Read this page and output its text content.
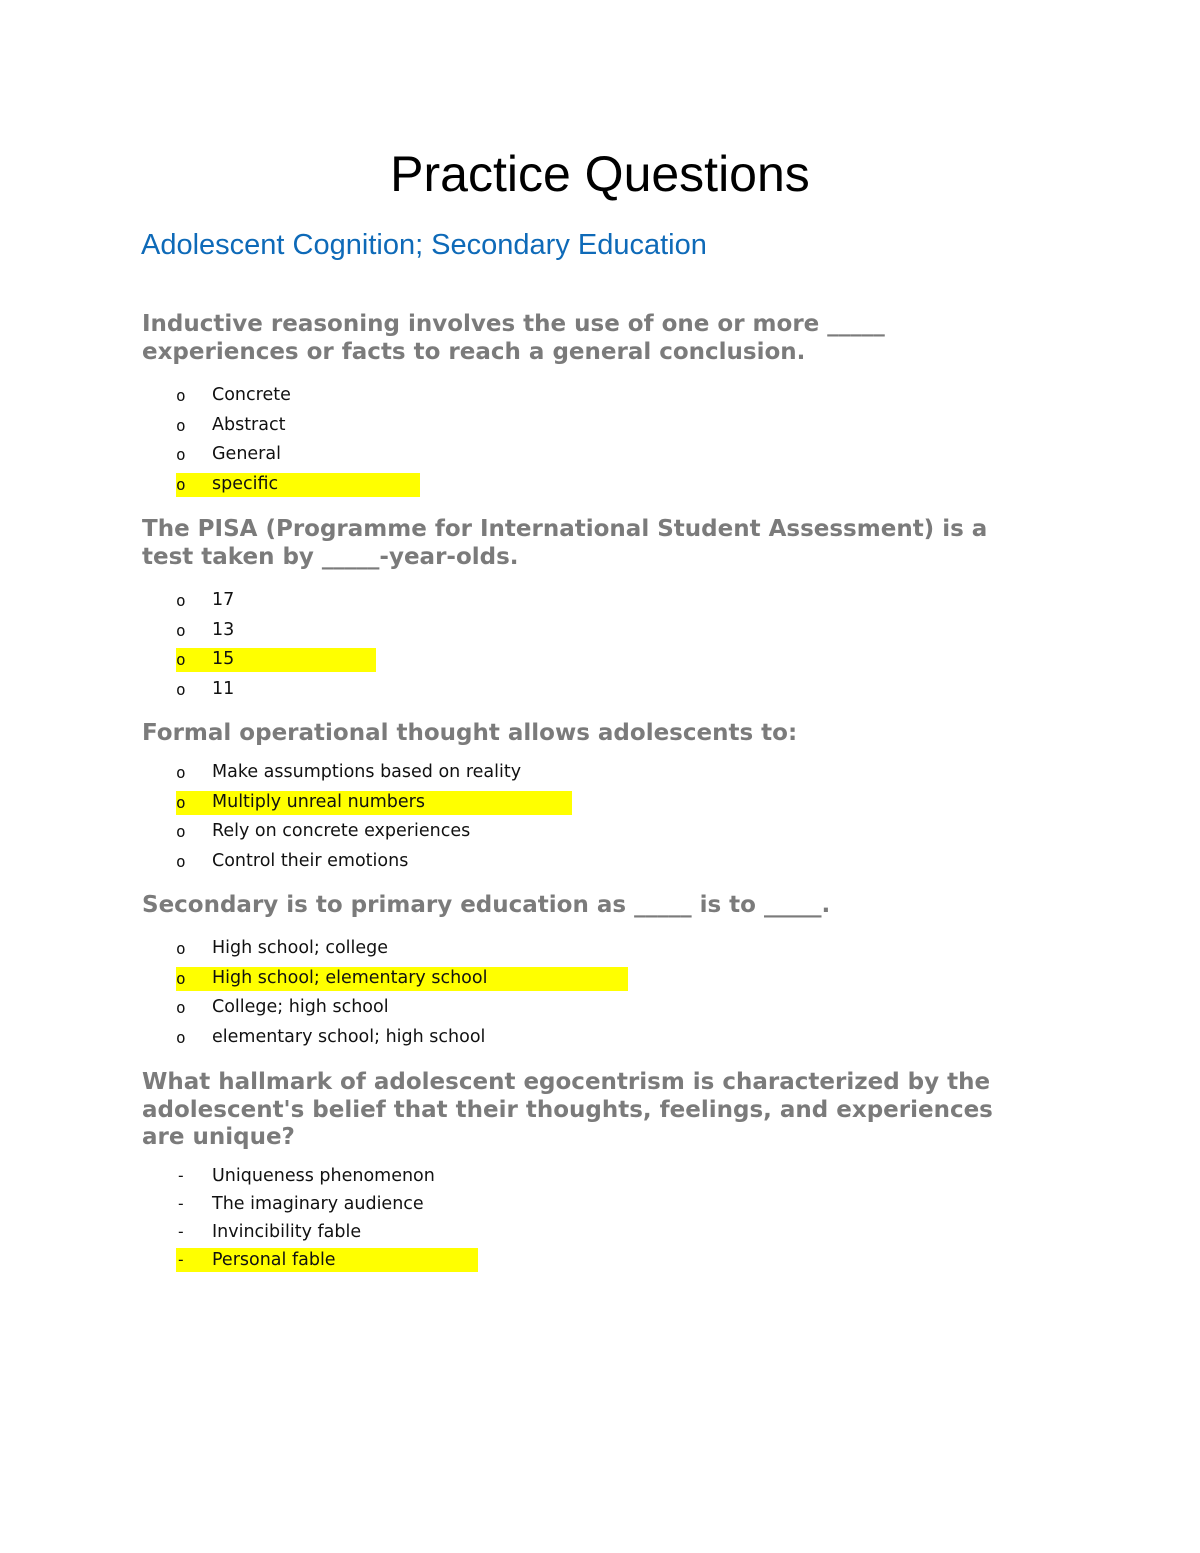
Practice Questions
Adolescent Cognition; Secondary Education

Inductive reasoning involves the use of one or more _____ experiences or facts to reach a general conclusion.

o	Concrete
o	Abstract
o	General
o	specific

The PISA (Programme for International Student Assessment) is a test taken by _____-year-olds.

o	17
o	13
o	15
o	11

Formal operational thought allows adolescents to:

o	Make assumptions based on reality
o	Multiply unreal numbers
o	Rely on concrete experiences
o	Control their emotions

Secondary is to primary education as _____ is to _____.

o	High school; college
o	High school; elementary school
o	College; high school
o	elementary school; high school

What hallmark of adolescent egocentrism is characterized by the adolescent's belief that their thoughts, feelings, and experiences are unique?

-	Uniqueness phenomenon
-	The imaginary audience
-	Invincibility fable
-	Personal fable
